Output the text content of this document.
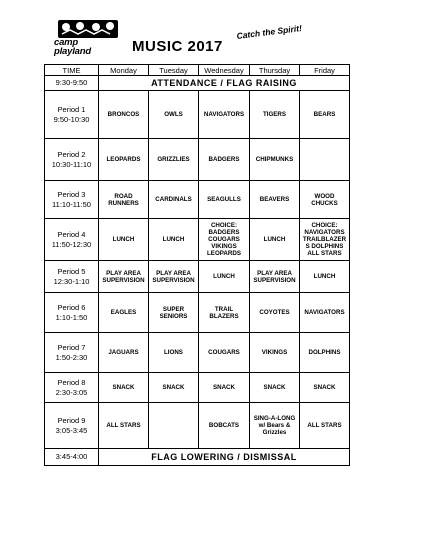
camp
playland	MUSIC 2017
Catch the Spirit!
TIME	Monday	Tuesday	Wednesday	Thursday	Friday
9:30-9:50	ATTENDANCE / FLAG RAISING				

Period 1
9:50-10:30	BRONCOS	OWLS	NAVIGATORS	TIGERS	BEARS

Period 2
10:30-11:10	LEOPARDS	GRIZZLIES	BADGERS	CHIPMUNKS	

Period 3
11:10-11:50	ROAD RUNNERS	CARDINALS	SEAGULLS	BEAVERS	WOOD CHUCKS

Period 4
11:50-12:30	LUNCH	LUNCH	CHOICE: BADGERS COUGARS VIKINGS LEOPARDS	LUNCH	CHOICE: NAVIGATORS TRAILBLAZERS DOLPHINS ALL STARS

Period 5
12:30-1:10	PLAY AREA SUPERVISION	PLAY AREA SUPERVISION	LUNCH	PLAY AREA SUPERVISION	LUNCH

Period 6
1:10-1:50	EAGLES	SUPER SENIORS	TRAIL BLAZERS	COYOTES	NAVIGATORS

Period 7
1:50-2:30	JAGUARS	LIONS	COUGARS	VIKINGS	DOLPHINS

Period 8
2:30-3:05	SNACK	SNACK	SNACK	SNACK	SNACK

Period 9
3:05-3:45	ALL STARS		BOBCATS	SING-A-LONG w/ Bears & Grizzles	ALL STARS
3:45-4:00	FLAG LOWERING / DISMISSAL				
